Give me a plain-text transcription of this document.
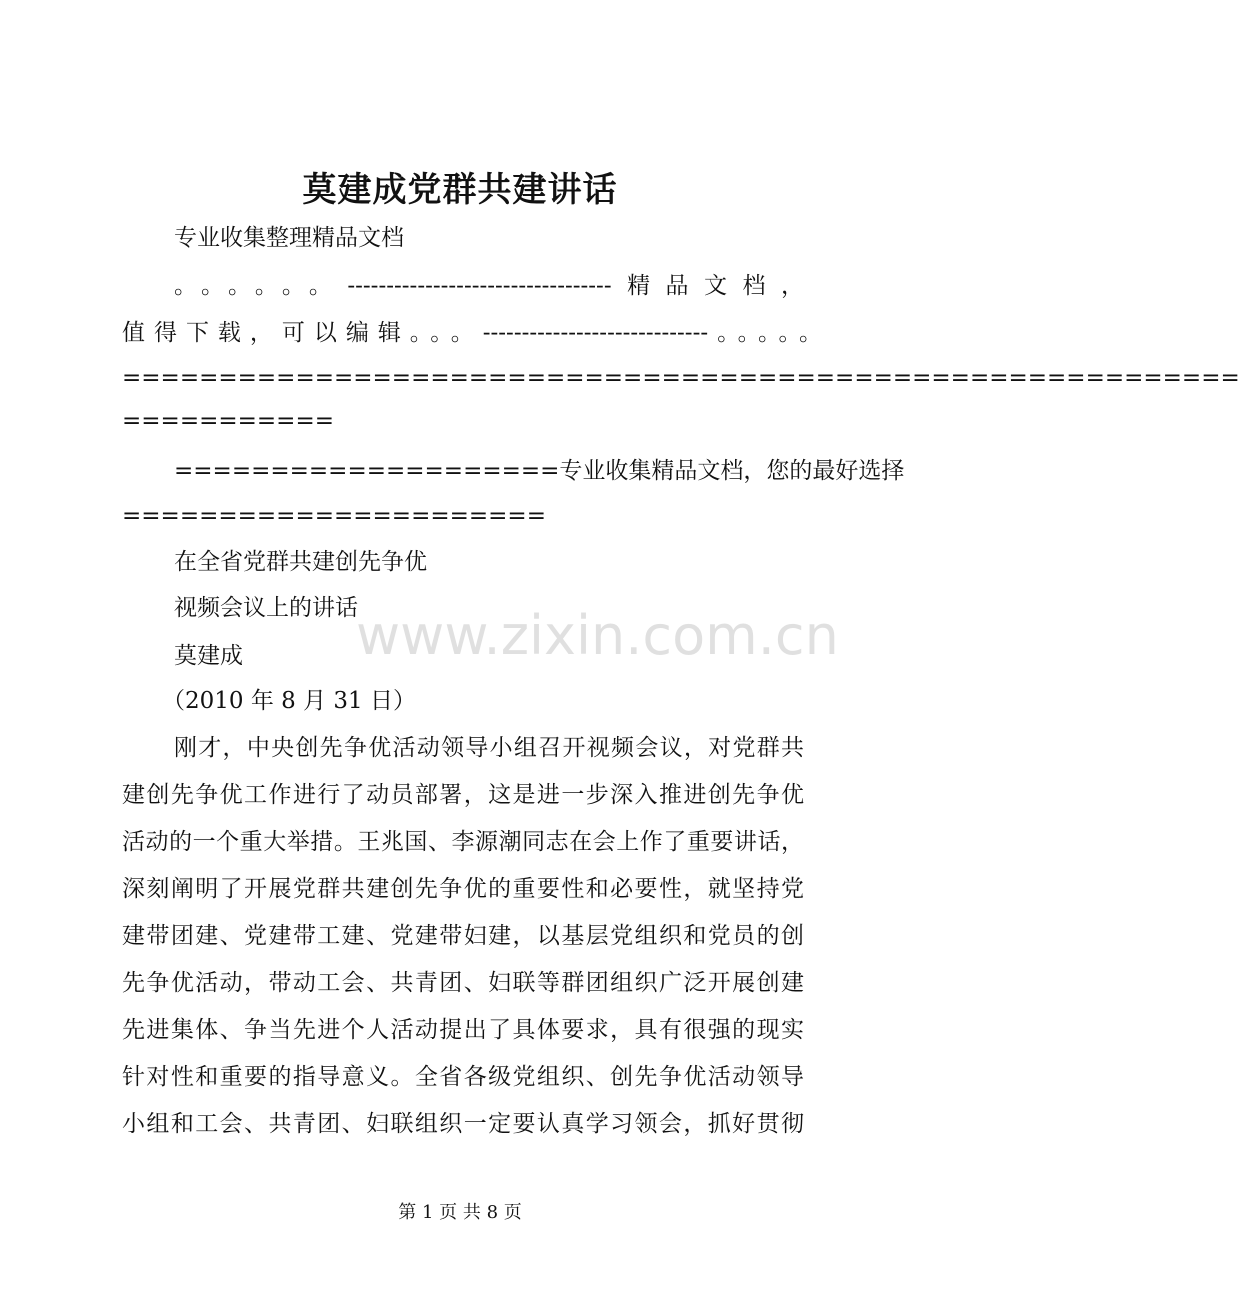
莫建成党群共建讲话
专业收集整理精品文档
。。。。。。----------------------------------精品文档，
值得下载，可以编辑。。。-----------------------------。。。。。
==========================================================
===========
====================专业收集精品文档，您的最好选择
======================
在全省党群共建创先争优
视频会议上的讲话
莫建成
（2010 年 8 月 31 日）
刚才，中央创先争优活动领导小组召开视频会议，对党群共
建创先争优工作进行了动员部署，这是进一步深入推进创先争优
活动的一个重大举措。王兆国、李源潮同志在会上作了重要讲话，
深刻阐明了开展党群共建创先争优的重要性和必要性，就坚持党
建带团建、党建带工建、党建带妇建，以基层党组织和党员的创
先争优活动，带动工会、共青团、妇联等群团组织广泛开展创建
先进集体、争当先进个人活动提出了具体要求，具有很强的现实
针对性和重要的指导意义。全省各级党组织、创先争优活动领导
小组和工会、共青团、妇联组织一定要认真学习领会，抓好贯彻
www.zixin.com.cn
第 1 页 共 8 页
